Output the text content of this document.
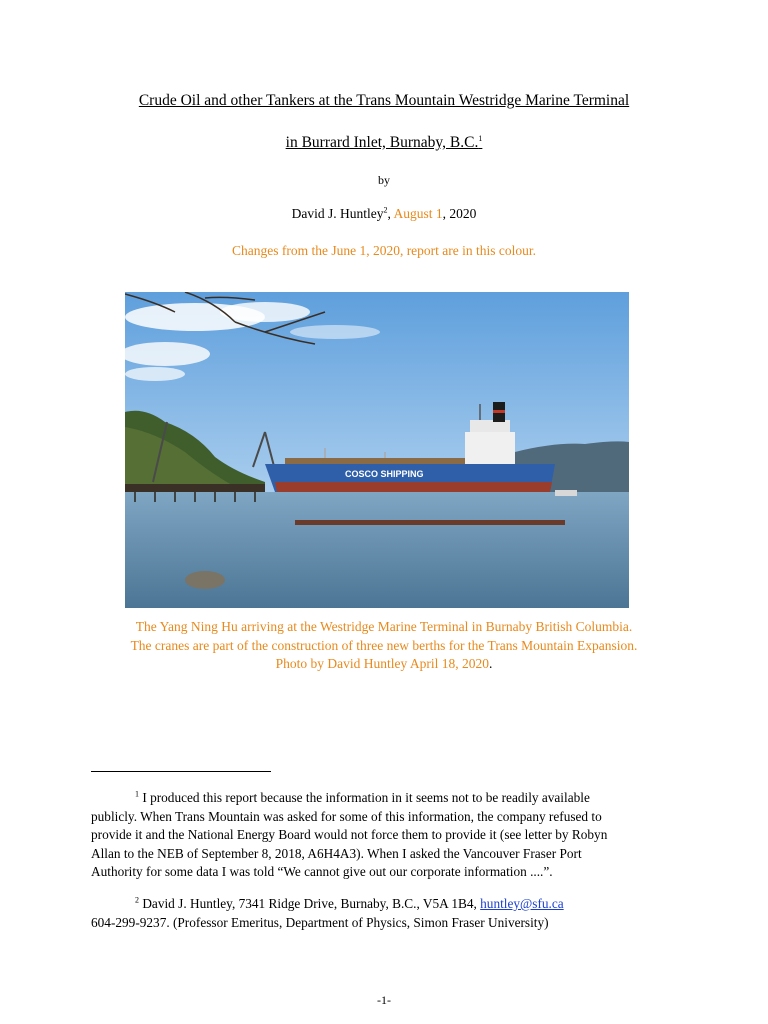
Crude Oil and other Tankers at the Trans Mountain Westridge Marine Terminal
in Burrard Inlet, Burnaby, B.C.$^1$
by
David J. Huntley$^2$, August 1, 2020
Changes from the June 1, 2020, report are in this colour.
COSCO SHIPPING
The Yang Ning Hu arriving at the Westridge Marine Terminal in Burnaby British Columbia.
The cranes are part of the construction of three new berths for the Trans Mountain Expansion.
Photo by David Huntley April 18, 2020.
$^1$ I produced this report because the information in it seems not to be readily available
publicly. When Trans Mountain was asked for some of this information, the company refused to
provide it and the National Energy Board would not force them to provide it (see letter by Robyn
Allan to the NEB of September 8, 2018, A6H4A3). When I asked the Vancouver Fraser Port
Authority for some data I was told “We cannot give out our corporate information ....”.
$^2$ David J. Huntley, 7341 Ridge Drive, Burnaby, B.C., V5A 1B4, huntley@sfu.ca
604-299-9237. (Professor Emeritus, Department of Physics, Simon Fraser University)
-1-
